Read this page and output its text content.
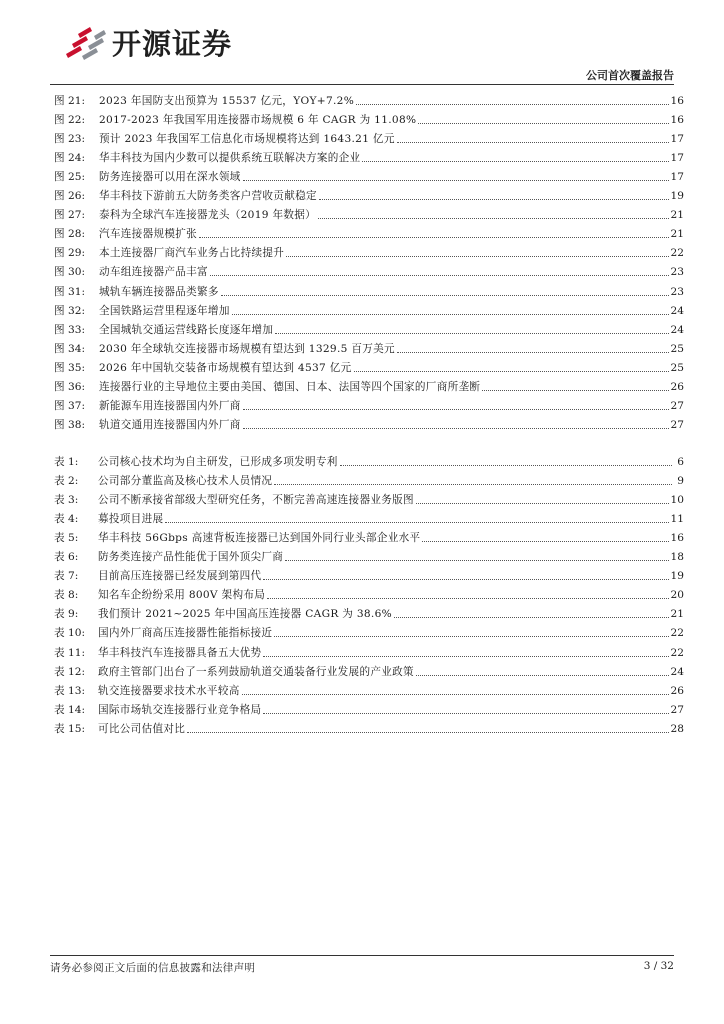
开源证券
公司首次覆盖报告
图 21:	2023 年国防支出预算为 15537 亿元，YOY+7.2%	16
图 22:	2017-2023 年我国军用连接器市场规模 6 年 CAGR 为 11.08%	16
图 23:	预计 2023 年我国军工信息化市场规模将达到 1643.21 亿元	17
图 24:	华丰科技为国内少数可以提供系统互联解决方案的企业	17
图 25:	防务连接器可以用在深水领域	17
图 26:	华丰科技下游前五大防务类客户营收贡献稳定	19
图 27:	泰科为全球汽车连接器龙头（2019 年数据）	21
图 28:	汽车连接器规模扩张	21
图 29:	本土连接器厂商汽车业务占比持续提升	22
图 30:	动车组连接器产品丰富	23
图 31:	城轨车辆连接器品类繁多	23
图 32:	全国铁路运营里程逐年增加	24
图 33:	全国城轨交通运营线路长度逐年增加	24
图 34:	2030 年全球轨交连接器市场规模有望达到 1329.5 百万美元	25
图 35:	2026 年中国轨交装备市场规模有望达到 4537 亿元	25
图 36:	连接器行业的主导地位主要由美国、德国、日本、法国等四个国家的厂商所垄断	26
图 37:	新能源车用连接器国内外厂商	27
图 38:	轨道交通用连接器国内外厂商	27
表 1:	公司核心技术均为自主研发，已形成多项发明专利	6
表 2:	公司部分董监高及核心技术人员情况	9
表 3:	公司不断承接省部级大型研究任务，不断完善高速连接器业务版图	10
表 4:	募投项目进展	11
表 5:	华丰科技 56Gbps 高速背板连接器已达到国外同行业头部企业水平	16
表 6:	防务类连接产品性能优于国外顶尖厂商	18
表 7:	目前高压连接器已经发展到第四代	19
表 8:	知名车企纷纷采用 800V 架构布局	20
表 9:	我们预计 2021~2025 年中国高压连接器 CAGR 为 38.6%	21
表 10:	国内外厂商高压连接器性能指标接近	22
表 11:	华丰科技汽车连接器具备五大优势	22
表 12:	政府主管部门出台了一系列鼓励轨道交通装备行业发展的产业政策	24
表 13:	轨交连接器要求技术水平较高	26
表 14:	国际市场轨交连接器行业竞争格局	27
表 15:	可比公司估值对比	28
请务必参阅正文后面的信息披露和法律声明	3 / 32
